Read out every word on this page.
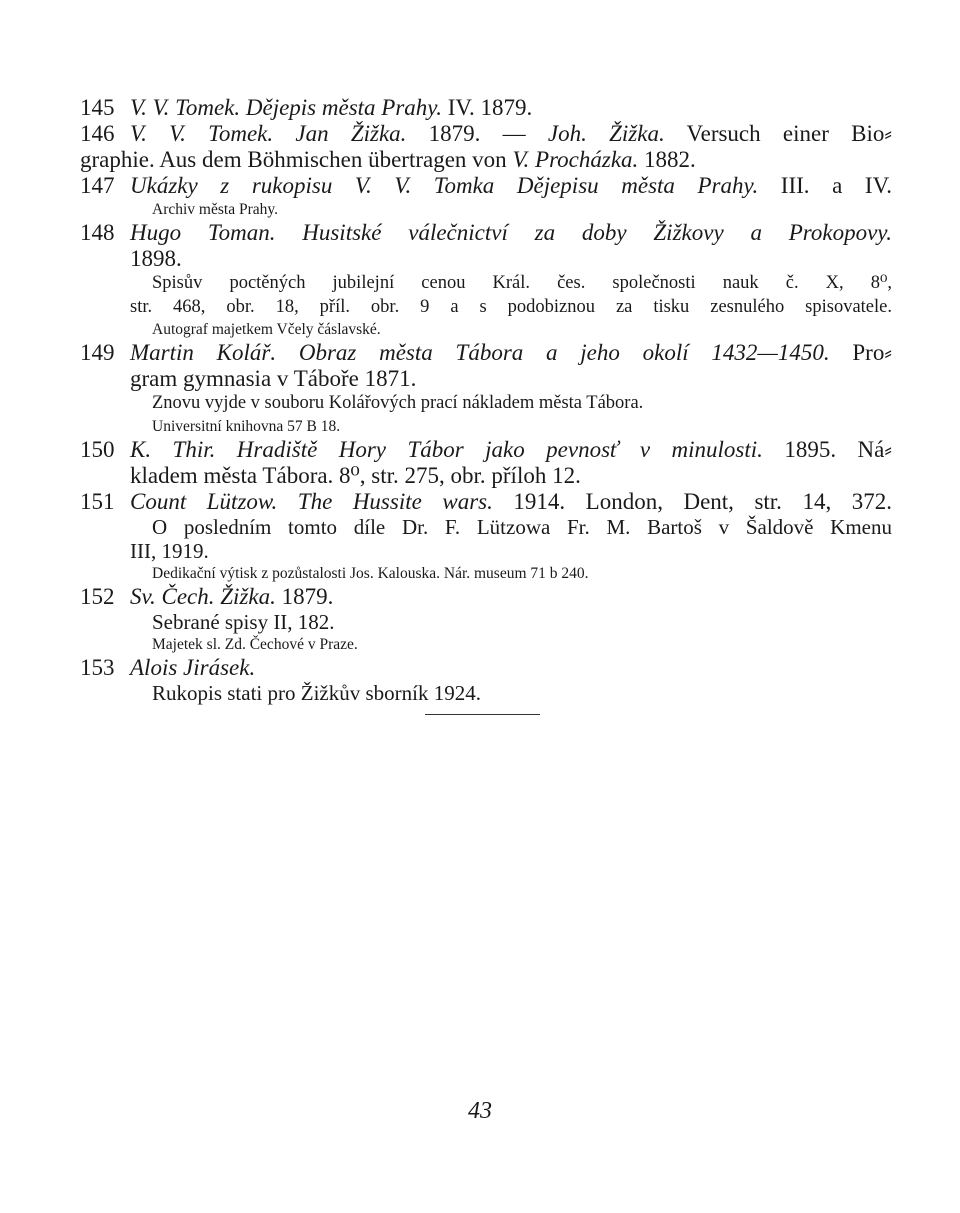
145 V. V. Tomek. Dějepis města Prahy. IV. 1879.
146 V. V. Tomek. Jan Žižka. 1879. — Joh. Žižka. Versuch einer Bio⸗
graphie. Aus dem Böhmischen übertragen von V. Procházka. 1882.
147 Ukázky z rukopisu V. V. Tomka Dějepisu města Prahy. III. a IV.
Archiv města Prahy.
148 Hugo Toman. Husitské válečnictví za doby Žižkovy a Prokopovy.
1898.
Spisův poctěných jubilejní cenou Král. čes. společnosti nauk č. X, 8⁰,
str. 468, obr. 18, příl. obr. 9 a s podobiznou za tisku zesnulého spisovatele.
Autograf majetkem Včely čáslavské.
149 Martin Kolář. Obraz města Tábora a jeho okolí 1432—1450. Pro⸗
gram gymnasia v Táboře 1871.
Znovu vyjde v souboru Kolářových prací nákladem města Tábora.
Universitní knihovna 57 B 18.
150 K. Thir. Hradiště Hory Tábor jako pevnosť v minulosti. 1895. Ná⸗
kladem města Tábora. 8⁰, str. 275, obr. příloh 12.
151 Count Lützow. The Hussite wars. 1914. London, Dent, str. 14, 372.
O posledním tomto díle Dr. F. Lützowa Fr. M. Bartoš v Šaldově Kmenu
III, 1919.
Dedikační výtisk z pozůstalosti Jos. Kalouska. Nár. museum 71 b 240.
152 Sv. Čech. Žižka. 1879.
Sebrané spisy II, 182.
Majetek sl. Zd. Čechové v Praze.
153 Alois Jirásek.
Rukopis stati pro Žižkův sborník 1924.
43
